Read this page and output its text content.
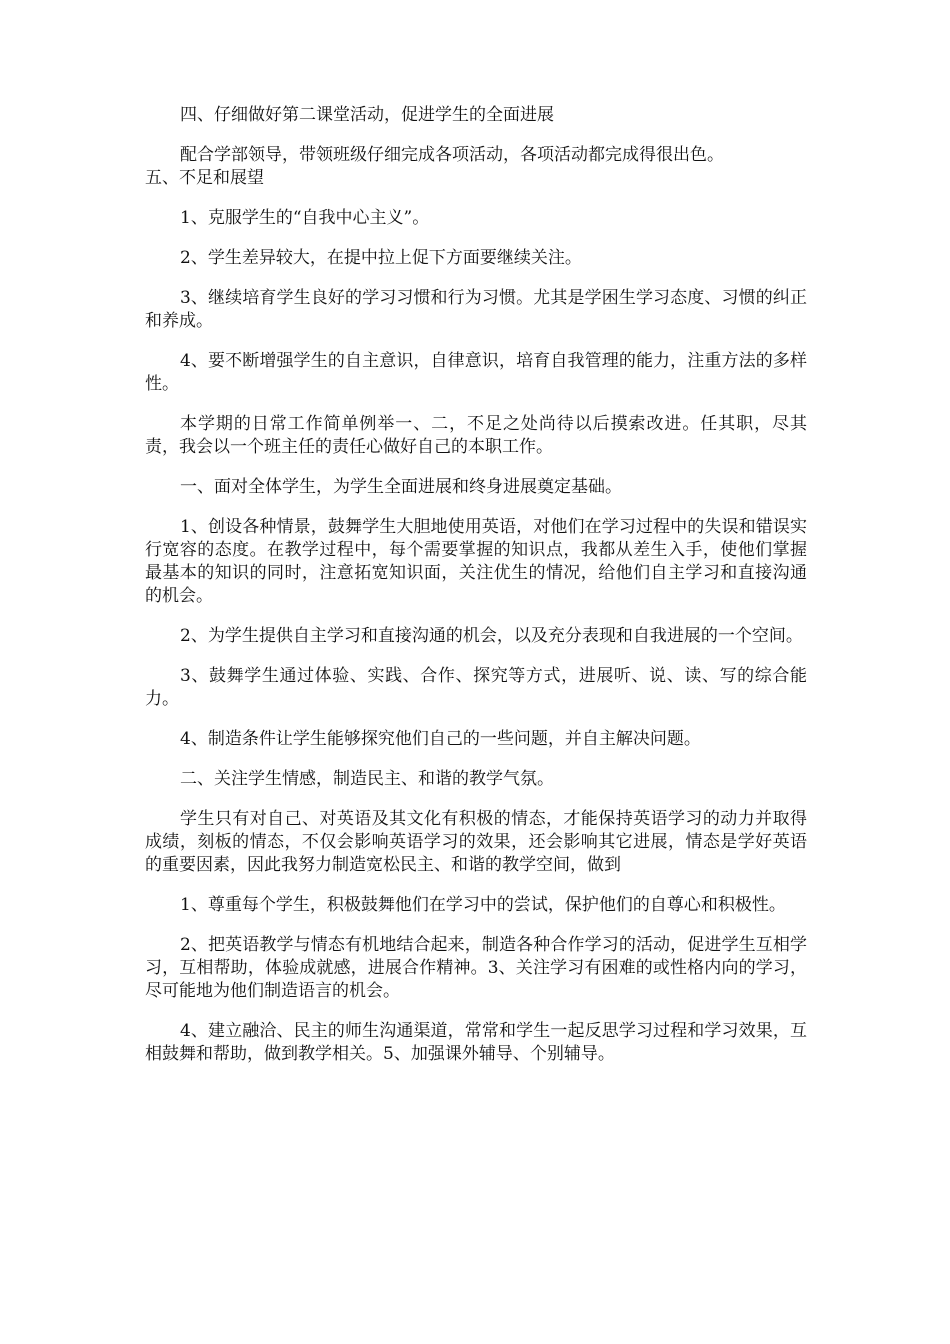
四、仔细做好第二课堂活动，促进学生的全面进展

配合学部领导，带领班级仔细完成各项活动，各项活动都完成得很出色。

五、不足和展望

1、克服学生的“自我中心主义”。

2、学生差异较大，在提中拉上促下方面要继续关注。

3、继续培育学生良好的学习习惯和行为习惯。尤其是学困生学习态度、习惯的纠正和养成。

4、要不断增强学生的自主意识，自律意识，培育自我管理的能力，注重方法的多样性。

本学期的日常工作简单例举一、二，不足之处尚待以后摸索改进。任其职，尽其责，我会以一个班主任的责任心做好自己的本职工作。

一、面对全体学生，为学生全面进展和终身进展奠定基础。

1、创设各种情景，鼓舞学生大胆地使用英语，对他们在学习过程中的失误和错误实行宽容的态度。在教学过程中，每个需要掌握的知识点，我都从差生入手，使他们掌握最基本的知识的同时，注意拓宽知识面，关注优生的情况，给他们自主学习和直接沟通的机会。

2、为学生提供自主学习和直接沟通的机会，以及充分表现和自我进展的一个空间。

3、鼓舞学生通过体验、实践、合作、探究等方式，进展听、说、读、写的综合能力。

4、制造条件让学生能够探究他们自己的一些问题，并自主解决问题。

二、关注学生情感，制造民主、和谐的教学气氛。

学生只有对自己、对英语及其文化有积极的情态，才能保持英语学习的动力并取得成绩，刻板的情态，不仅会影响英语学习的效果，还会影响其它进展，情态是学好英语的重要因素，因此我努力制造宽松民主、和谐的教学空间，做到

1、尊重每个学生，积极鼓舞他们在学习中的尝试，保护他们的自尊心和积极性。

2、把英语教学与情态有机地结合起来，制造各种合作学习的活动，促进学生互相学习，互相帮助，体验成就感，进展合作精神。3、关注学习有困难的或性格内向的学习，尽可能地为他们制造语言的机会。

4、建立融洽、民主的师生沟通渠道，常常和学生一起反思学习过程和学习效果，互相鼓舞和帮助，做到教学相关。5、加强课外辅导、个别辅导。
